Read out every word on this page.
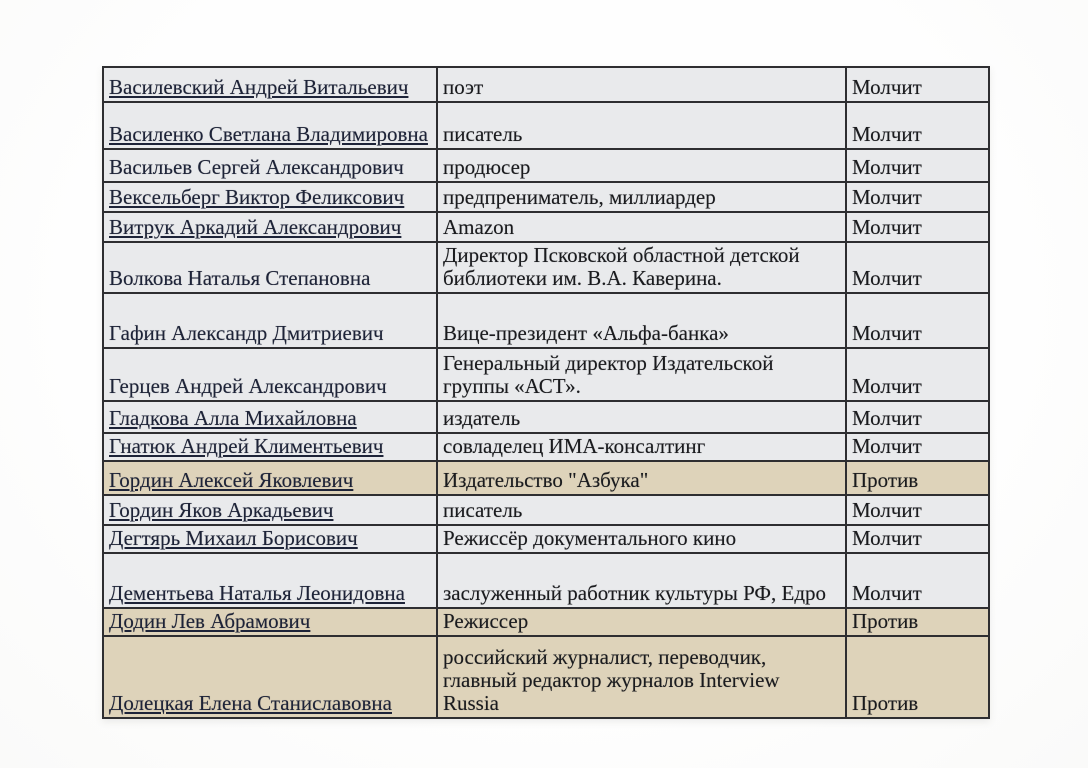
Василевский Андрей Витальевич	поэт	Молчит
Василенко Светлана Владимировна	писатель	Молчит
Васильев Сергей Александрович	продюсер	Молчит
Вексельберг Виктор Феликсович	предпрениматель, миллиардер	Молчит
Витрук Аркадий Александрович	Amazon	Молчит
Волкова Наталья Степановна	Директор Псковской областной детской библиотеки им. В.А. Каверина.	Молчит
Гафин Александр Дмитриевич	Вице-президент «Альфа-банка»	Молчит
Герцев Андрей Александрович	Генеральный директор Издательской группы «АСТ».	Молчит
Гладкова Алла Михайловна	издатель	Молчит
Гнатюк Андрей Климентьевич	совладелец ИМА-консалтинг	Молчит
Гордин Алексей Яковлевич	Издательство "Азбука"	Против
Гордин Яков Аркадьевич	писатель	Молчит
Дегтярь Михаил Борисович	Режиссёр документального кино	Молчит
Дементьева Наталья Леонидовна	заслуженный работник культуры РФ, Едро	Молчит
Додин Лев Абрамович	Режиссер	Против
Долецкая Елена Станиславовна	российский журналист, переводчик, главный редактор журналов Interview Russia	Против
